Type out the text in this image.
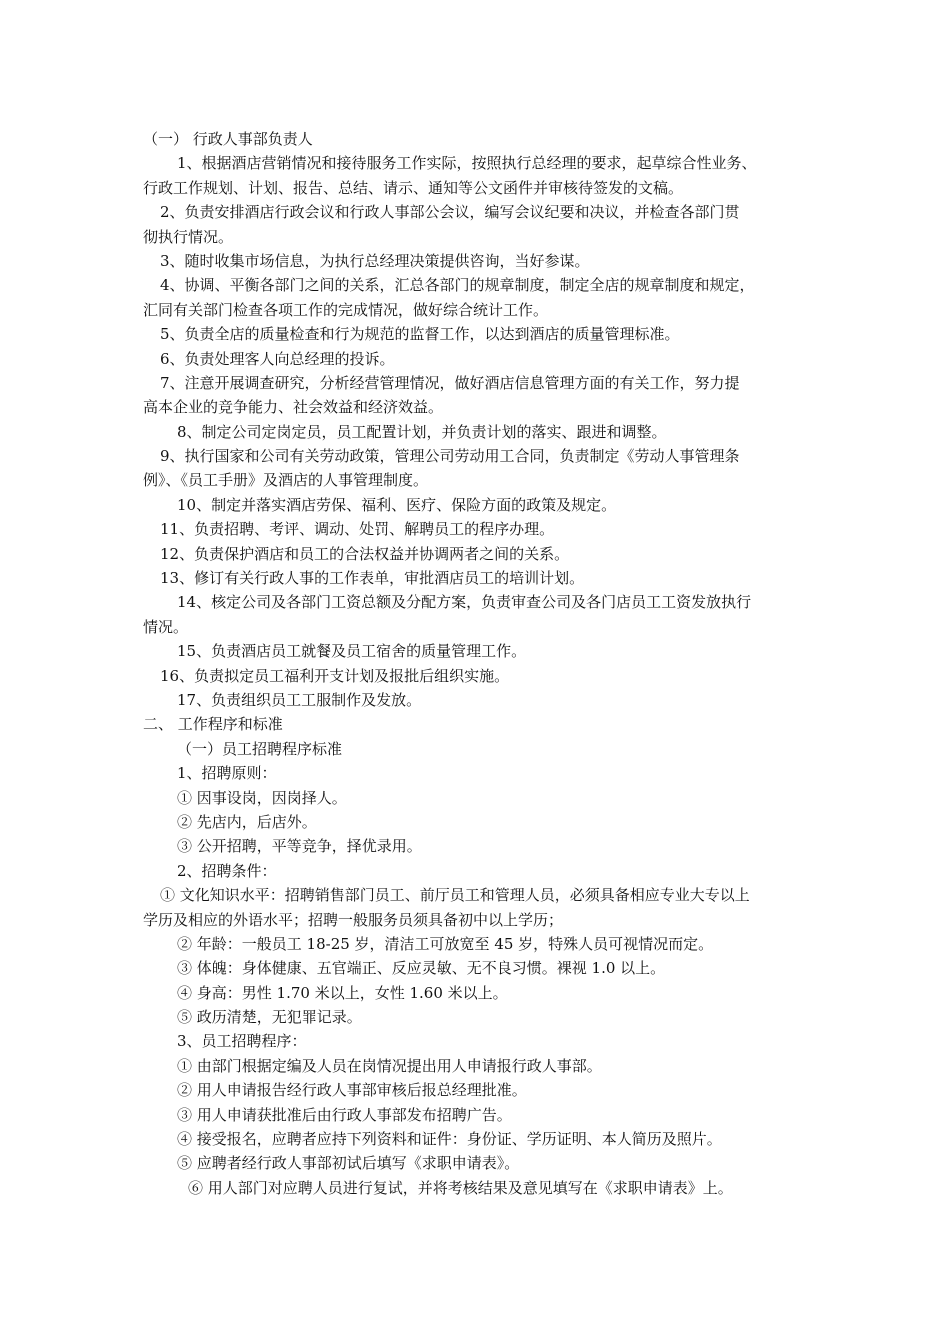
（一） 行政人事部负责人
1、根据酒店营销情况和接待服务工作实际，按照执行总经理的要求，起草综合性业务、
行政工作规划、计划、报告、总结、请示、通知等公文函件并审核待签发的文稿。
2、负责安排酒店行政会议和行政人事部公会议，编写会议纪要和决议，并检查各部门贯
彻执行情况。
3、随时收集市场信息，为执行总经理决策提供咨询，当好参谋。
4、协调、平衡各部门之间的关系，汇总各部门的规章制度，制定全店的规章制度和规定，
汇同有关部门检查各项工作的完成情况，做好综合统计工作。
5、负责全店的质量检查和行为规范的监督工作，以达到酒店的质量管理标准。
6、负责处理客人向总经理的投诉。
7、注意开展调查研究，分析经营管理情况，做好酒店信息管理方面的有关工作，努力提
高本企业的竞争能力、社会效益和经济效益。
8、制定公司定岗定员，员工配置计划，并负责计划的落实、跟进和调整。
9、执行国家和公司有关劳动政策，管理公司劳动用工合同，负责制定《劳动人事管理条
例》、《员工手册》及酒店的人事管理制度。
10、制定并落实酒店劳保、福利、医疗、保险方面的政策及规定。
11、负责招聘、考评、调动、处罚、解聘员工的程序办理。
12、负责保护酒店和员工的合法权益并协调两者之间的关系。
13、修订有关行政人事的工作表单，审批酒店员工的培训计划。
14、核定公司及各部门工资总额及分配方案，负责审查公司及各门店员工工资发放执行
情况。
15、负责酒店员工就餐及员工宿舍的质量管理工作。
16、负责拟定员工福利开支计划及报批后组织实施。
17、负责组织员工工服制作及发放。
二、 工作程序和标准
（一）员工招聘程序标准
1、招聘原则：
① 因事设岗，因岗择人。
② 先店内，后店外。
③ 公开招聘，平等竞争，择优录用。
2、招聘条件：
① 文化知识水平：招聘销售部门员工、前厅员工和管理人员，必须具备相应专业大专以上
学历及相应的外语水平；招聘一般服务员须具备初中以上学历；
② 年龄：一般员工 18-25 岁，清洁工可放宽至 45 岁，特殊人员可视情况而定。
③ 体魄：身体健康、五官端正、反应灵敏、无不良习惯。裸视 1.0 以上。
④ 身高：男性 1.70 米以上，女性 1.60 米以上。
⑤ 政历清楚，无犯罪记录。
3、员工招聘程序：
① 由部门根据定编及人员在岗情况提出用人申请报行政人事部。
② 用人申请报告经行政人事部审核后报总经理批准。
③ 用人申请获批准后由行政人事部发布招聘广告。
④ 接受报名，应聘者应持下列资料和证件：身份证、学历证明、本人简历及照片。
⑤ 应聘者经行政人事部初试后填写《求职申请表》。
⑥ 用人部门对应聘人员进行复试，并将考核结果及意见填写在《求职申请表》上。
